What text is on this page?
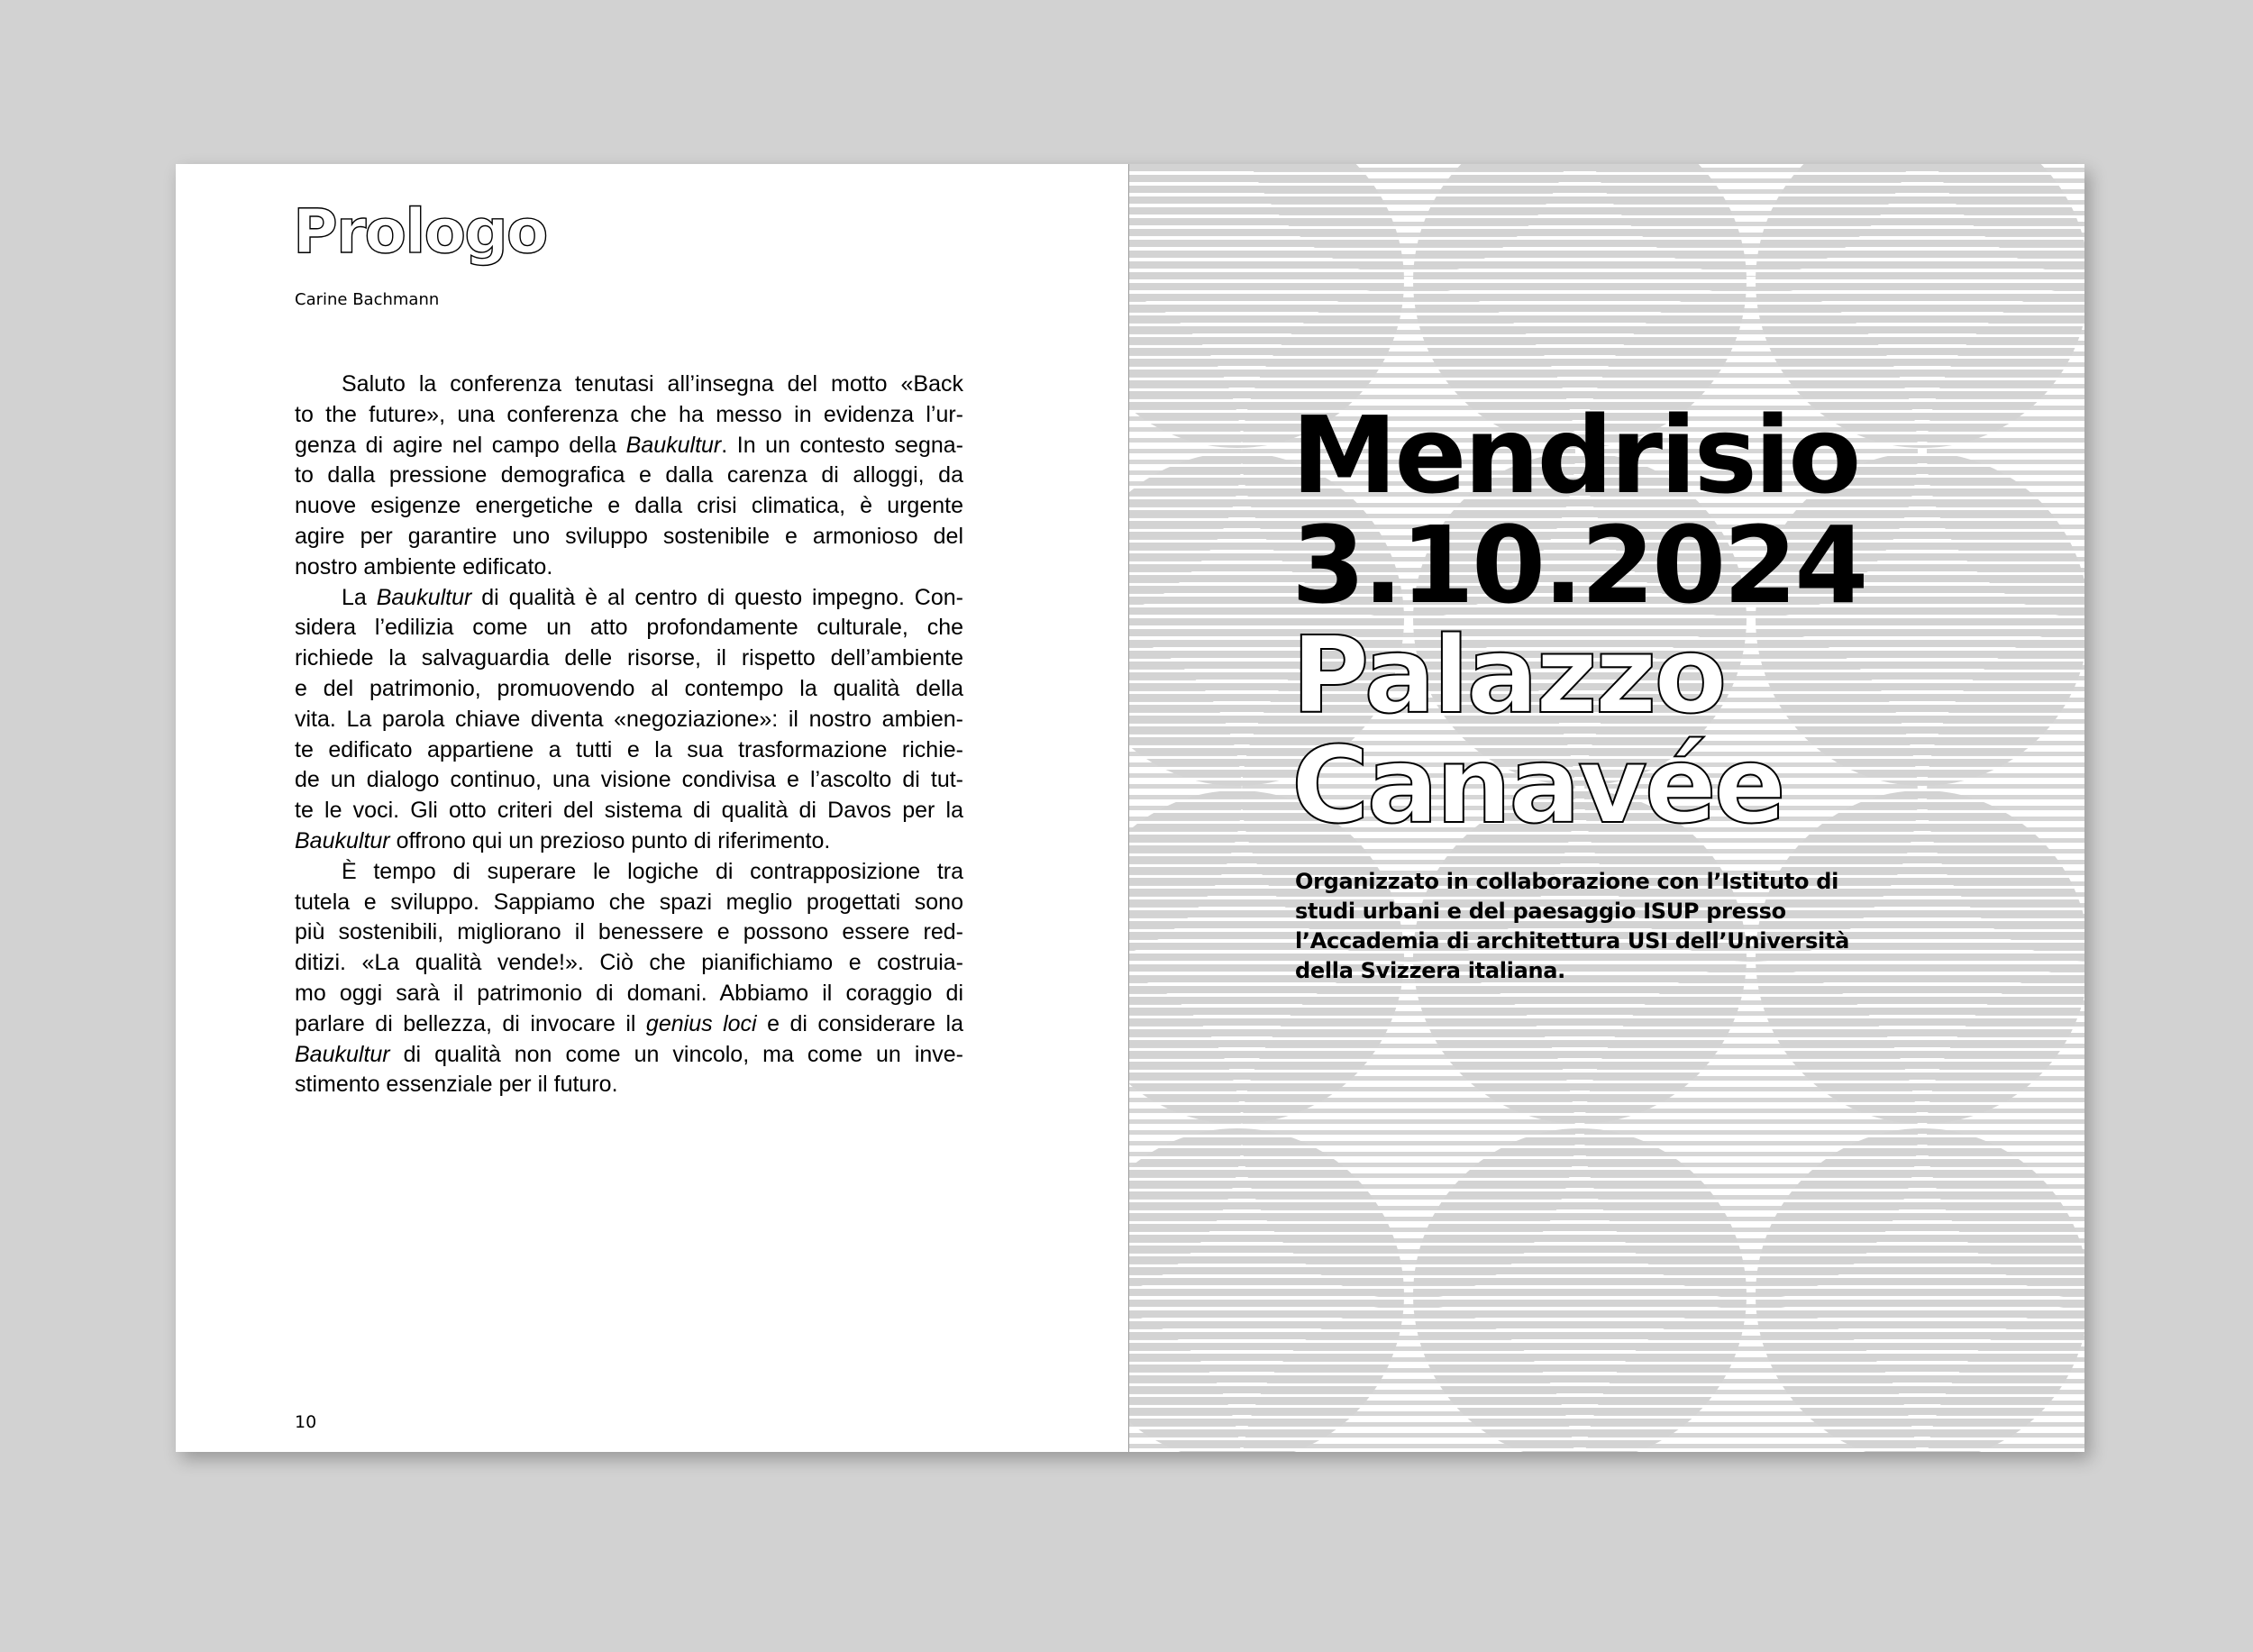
Prologo
Carine Bachmann

Saluto la conferenza tenutasi all’insegna del motto «Back
to the future», una conferenza che ha messo in evidenza l’ur-
genza di agire nel campo della Baukultur. In un contesto segna-
to dalla pressione demografica e dalla carenza di alloggi, da
nuove esigenze energetiche e dalla crisi climatica, è urgente
agire per garantire uno sviluppo sostenibile e armonioso del
nostro ambiente edificato.

La Baukultur di qualità è al centro di questo impegno. Con-
sidera l’edilizia come un atto profondamente culturale, che
richiede la salvaguardia delle risorse, il rispetto dell’ambiente
e del patrimonio, promuovendo al contempo la qualità della
vita. La parola chiave diventa «negoziazione»: il nostro ambien-
te edificato appartiene a tutti e la sua trasformazione richie-
de un dialogo continuo, una visione condivisa e l’ascolto di tut-
te le voci. Gli otto criteri del sistema di qualità di Davos per la
Baukultur offrono qui un prezioso punto di riferimento.

È tempo di superare le logiche di contrapposizione tra
tutela e sviluppo. Sappiamo che spazi meglio progettati sono
più sostenibili, migliorano il benessere e possono essere red-
ditizi. «La qualità vende!». Ciò che pianifichiamo e costruia-
mo oggi sarà il patrimonio di domani. Abbiamo il coraggio di
parlare di bellezza, di invocare il genius loci e di considerare la
Baukultur di qualità non come un vincolo, ma come un inve-
stimento essenziale per il futuro.

10
Mendrisio
3.10.2024
Palazzo
Canavée
Organizzato in collaborazione con l’Istituto di
studi urbani e del paesaggio ISUP presso
l’Accademia di architettura USI dell’Università
della Svizzera italiana.
